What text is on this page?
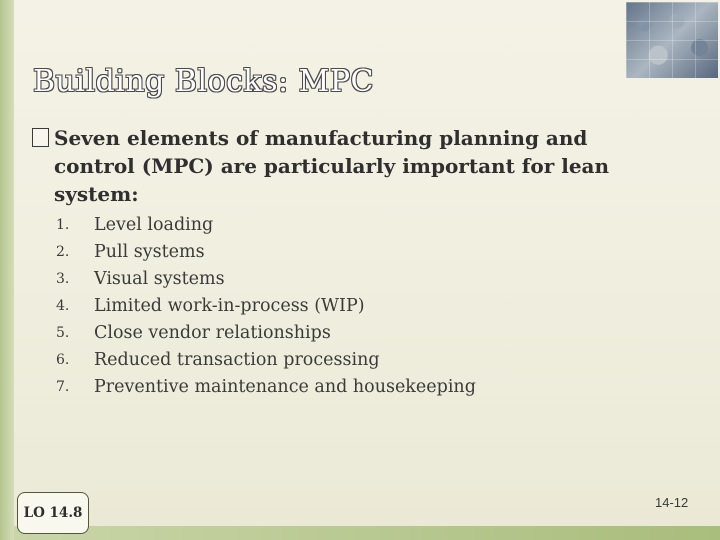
Building Blocks: MPC
Seven elements of manufacturing planning and control (MPC) are particularly important for lean system:
1.	Level loading
2.	Pull systems
3.	Visual systems
4.	Limited work-in-process (WIP)
5.	Close vendor relationships
6.	Reduced transaction processing
7.	Preventive maintenance and housekeeping
LO 14.8
14-12
